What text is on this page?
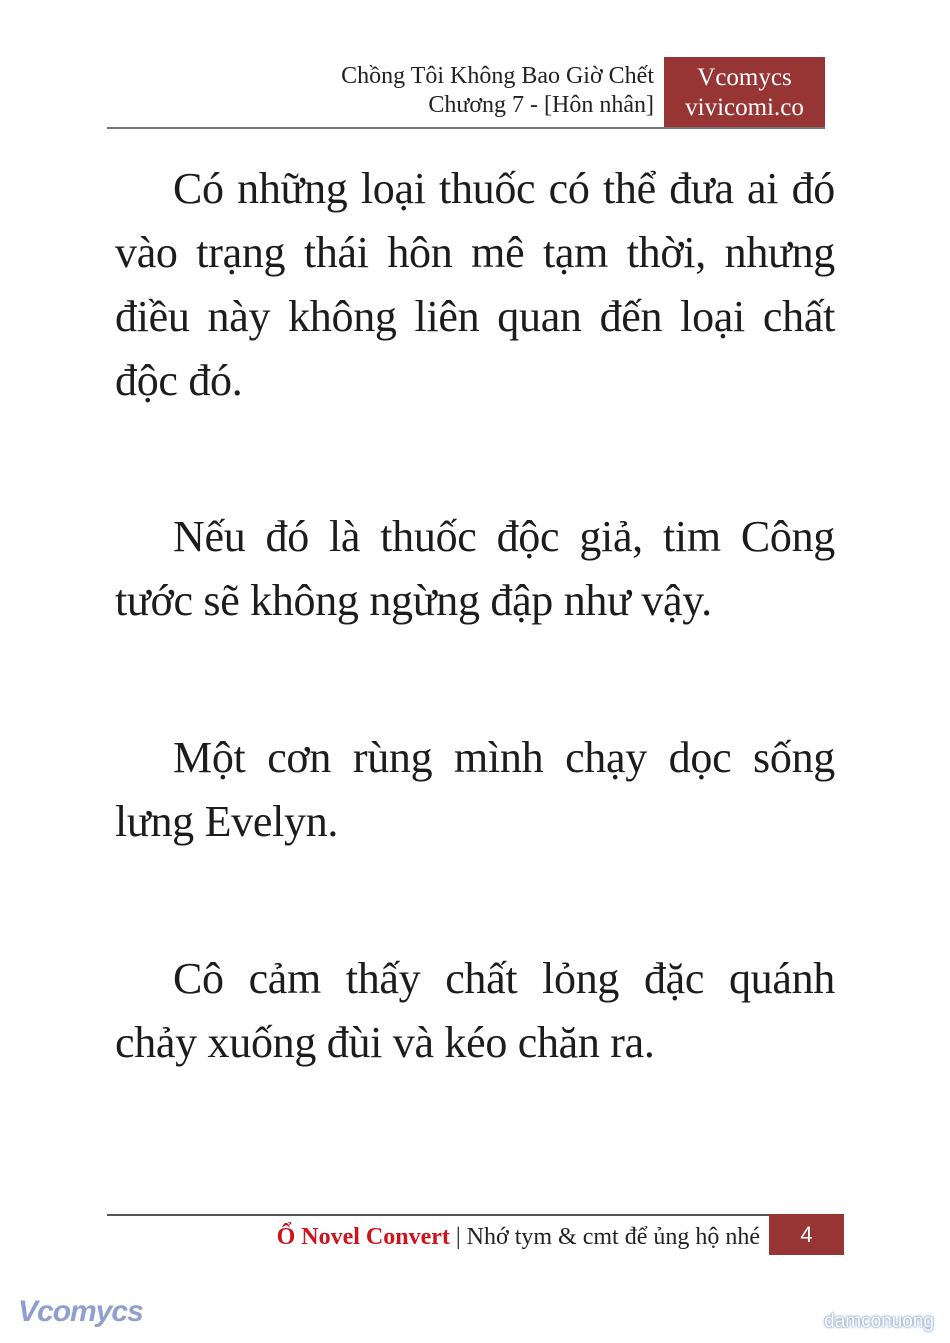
Chồng Tôi Không Bao Giờ Chết
Chương 7 - [Hôn nhân]
Vcomycs
vivicomi.co

Có những loại thuốc có thể đưa ai đó vào trạng thái hôn mê tạm thời, nhưng điều này không liên quan đến loại chất độc đó.

Nếu đó là thuốc độc giả, tim Công tước sẽ không ngừng đập như vậy.

Một cơn rùng mình chạy dọc sống lưng Evelyn.

Cô cảm thấy chất lỏng đặc quánh chảy xuống đùi và kéo chăn ra.

Ổ Novel Convert | Nhớ tym & cmt để ủng hộ nhé	4
Vcomycs	damconuong
